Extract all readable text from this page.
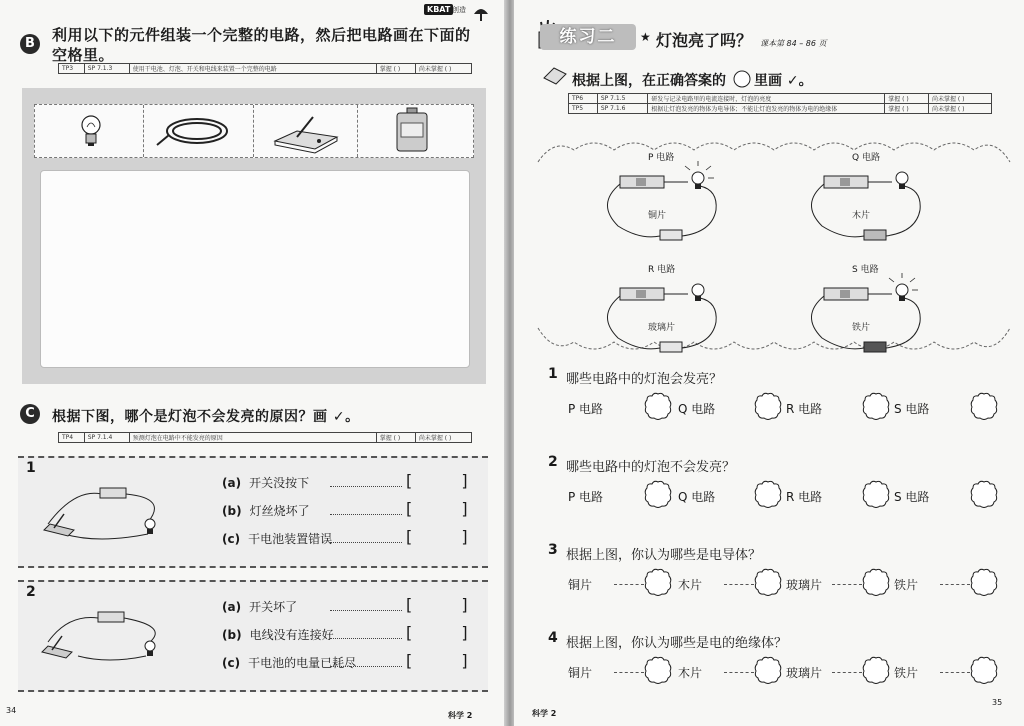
KBAT 创造
B	利用以下的元件组装一个完整的电路，然后把电路画在下面的
空格里。
TP3	SP 7.1.3	使用干电池、灯泡、开关和电线来装置一个完整的电路	掌握 ( )	尚未掌握 ( )
C	根据下图，哪个是灯泡不会发亮的原因？画 ✓。
TP4	SP 7.1.4	预测灯泡在电路中不能发亮的原因	掌握 ( )	尚未掌握 ( )
1
2
(a) 开关没按下	[ ]
(b) 灯丝烧坏了	[ ]
(c) 干电池装置错误	[ ]
(a) 开关坏了	[ ]
(b) 电线没有连接好	[ ]
(c) 干电池的电量已耗尽	[ ]
34
科学 2
练习二	★ 灯泡亮了吗？ 课本第 84 – 86 页
根据上图，在正确答案的 里画 ✓。
TP6	SP 7.1.5	研发与记录电路里的电流连接时，灯泡的亮度	掌握 ( )	尚未掌握 ( )
TP5	SP 7.1.6	根据让灯泡发亮的物体为电导体；不能让灯泡发亮的物体为电的绝缘体	掌握 ( )	尚未掌握 ( )
P 电路
铜片
Q 电路
木片
R 电路
玻璃片
S 电路
铁片
1 哪些电路中的灯泡会发亮？
P 电路	Q 电路	R 电路	S 电路
2 哪些电路中的灯泡不会发亮？
P 电路	Q 电路	R 电路	S 电路
3 根据上图，你认为哪些是电导体？
铜片	木片	玻璃片	铁片
4 根据上图，你认为哪些是电的绝缘体？
铜片	木片	玻璃片	铁片
科学 2
35
